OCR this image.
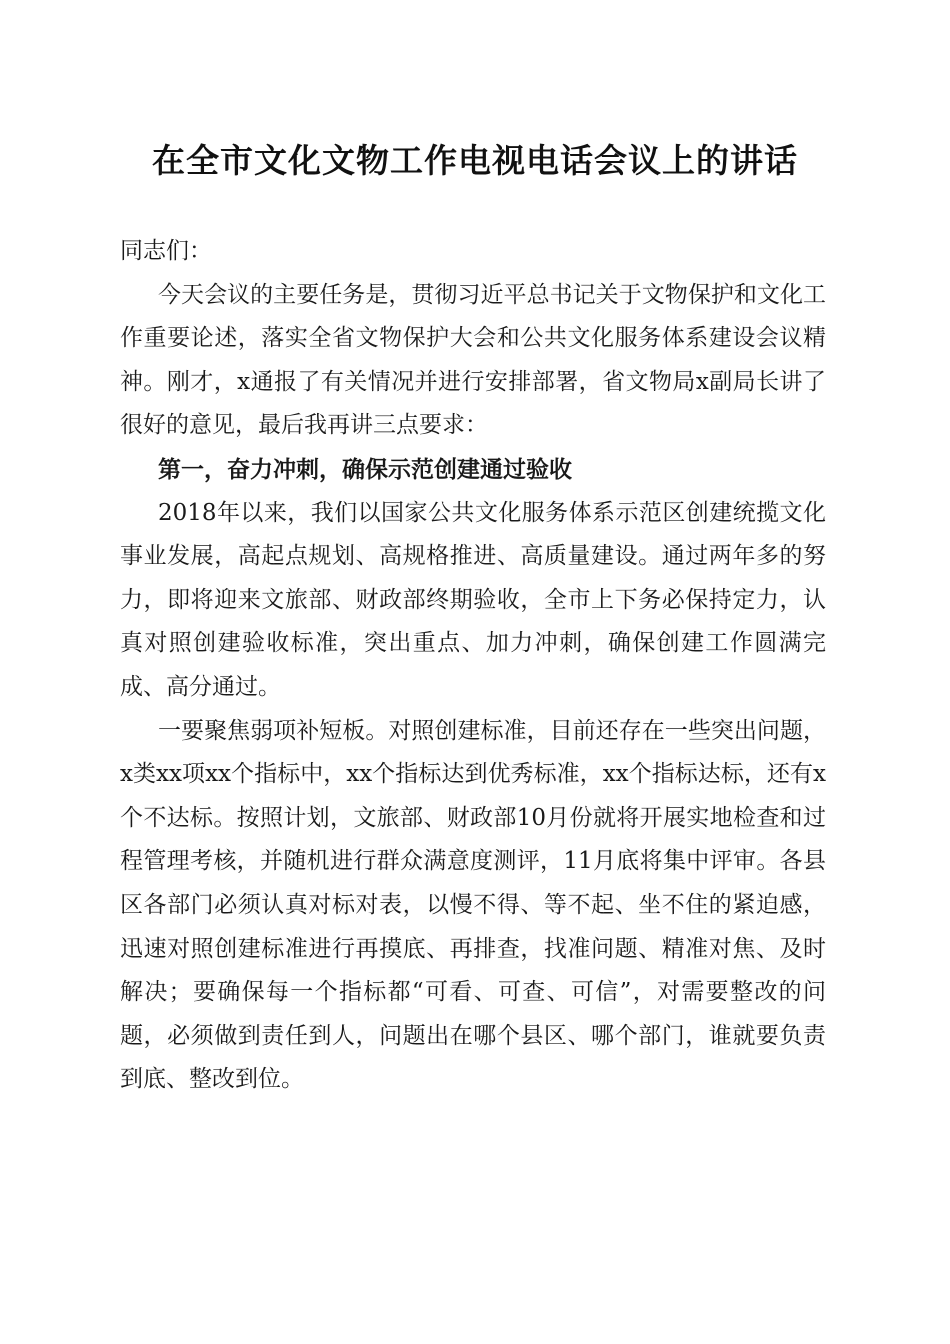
在全市文化文物工作电视电话会议上的讲话

同志们：

今天会议的主要任务是，贯彻习近平总书记关于文物保护和文化工作重要论述，落实全省文物保护大会和公共文化服务体系建设会议精神。刚才，x通报了有关情况并进行安排部署，省文物局x副局长讲了很好的意见，最后我再讲三点要求：

第一，奋力冲刺，确保示范创建通过验收

2018年以来，我们以国家公共文化服务体系示范区创建统揽文化事业发展，高起点规划、高规格推进、高质量建设。通过两年多的努力，即将迎来文旅部、财政部终期验收，全市上下务必保持定力，认真对照创建验收标准，突出重点、加力冲刺，确保创建工作圆满完成、高分通过。

一要聚焦弱项补短板。对照创建标准，目前还存在一些突出问题，x类xx项xx个指标中，xx个指标达到优秀标准，xx个指标达标，还有x个不达标。按照计划，文旅部、财政部10月份就将开展实地检查和过程管理考核，并随机进行群众满意度测评，11月底将集中评审。各县区各部门必须认真对标对表，以慢不得、等不起、坐不住的紧迫感，迅速对照创建标准进行再摸底、再排查，找准问题、精准对焦、及时解决；要确保每一个指标都“可看、可查、可信”，对需要整改的问题，必须做到责任到人，问题出在哪个县区、哪个部门，谁就要负责到底、整改到位。
